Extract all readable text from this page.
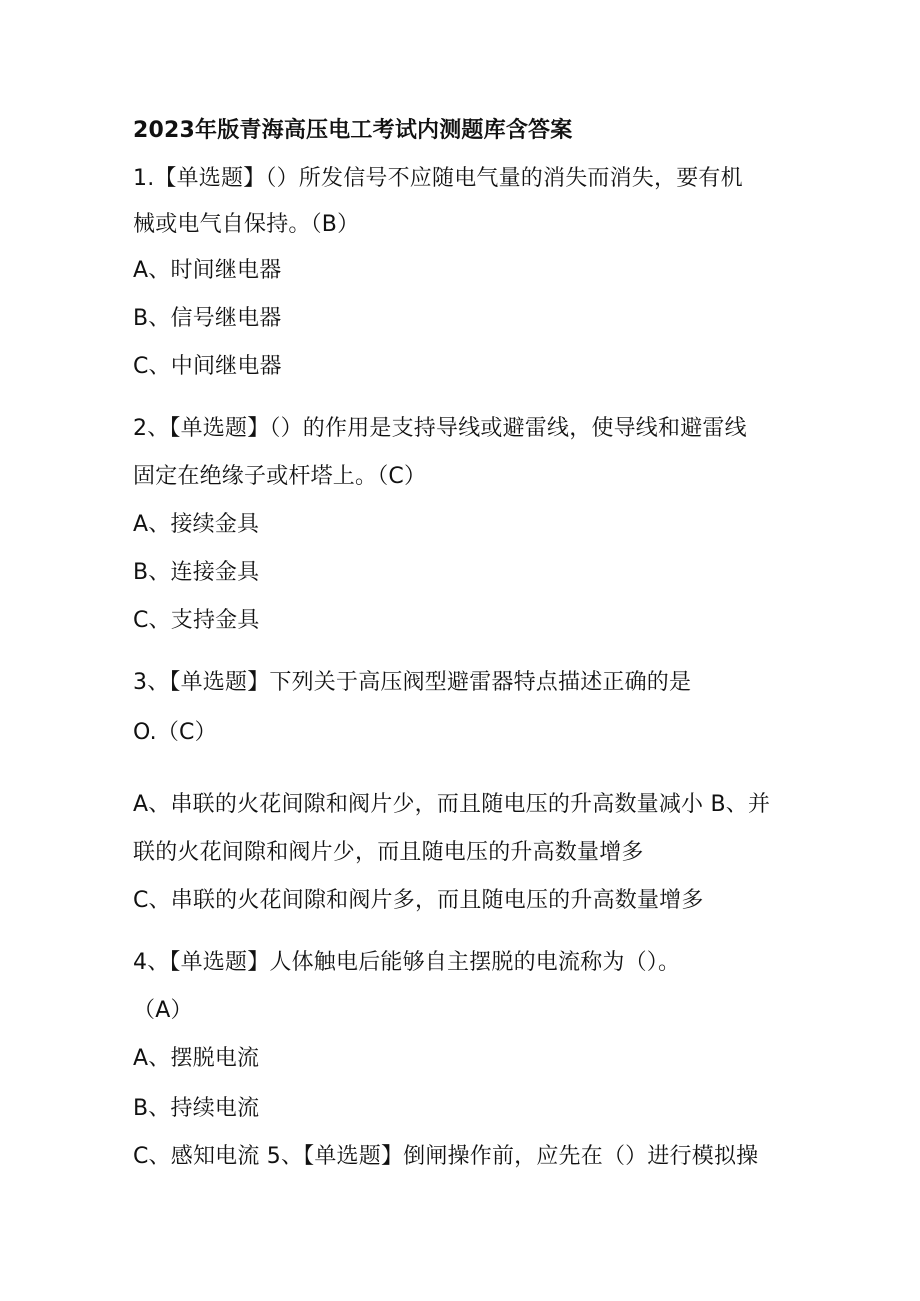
2023年版青海高压电工考试内测题库含答案
1.【单选题】（）所发信号不应随电气量的消失而消失，要有机
械或电气自保持。（B）
A、时间继电器
B、信号继电器
C、中间继电器
2、【单选题】（）的作用是支持导线或避雷线，使导线和避雷线
固定在绝缘子或杆塔上。（C）
A、接续金具
B、连接金具
C、支持金具
3、【单选题】下列关于高压阀型避雷器特点描述正确的是
O.（C）
A、串联的火花间隙和阀片少，而且随电压的升高数量减小 B、并
联的火花间隙和阀片少，而且随电压的升高数量增多
C、串联的火花间隙和阀片多，而且随电压的升高数量增多
4、【单选题】人体触电后能够自主摆脱的电流称为（）。
（A）
A、摆脱电流
B、持续电流
C、感知电流 5、【单选题】倒闸操作前，应先在（）进行模拟操
